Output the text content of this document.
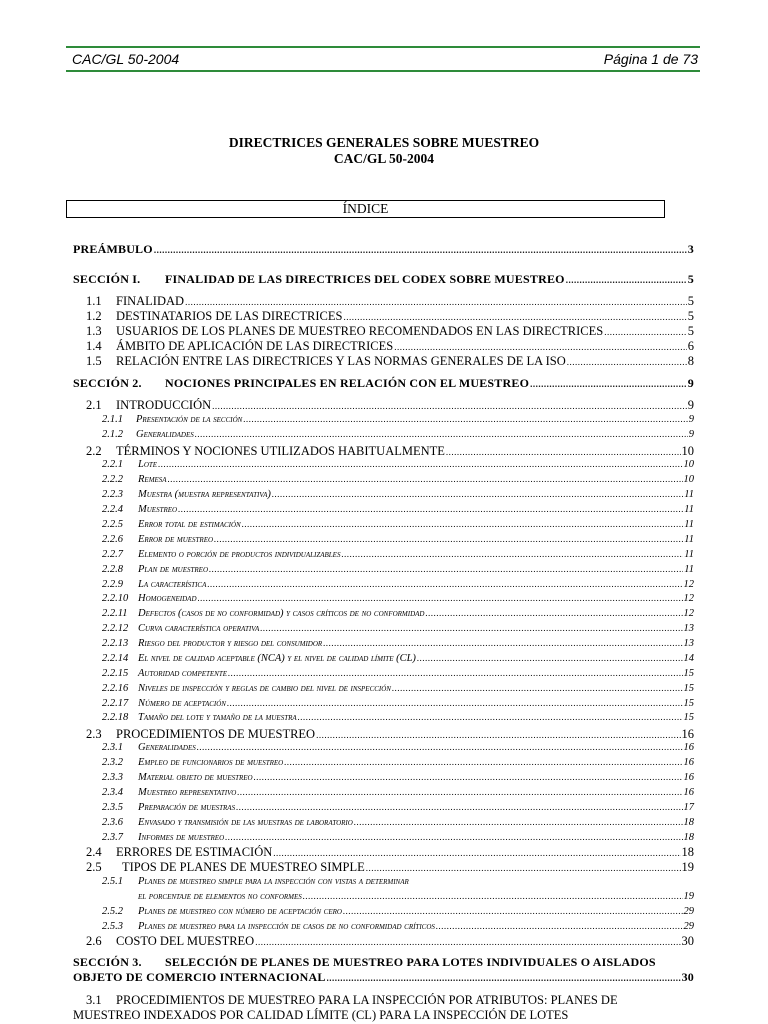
CAC/GL 50-2004	Página 1 de 73
DIRECTRICES GENERALES SOBRE MUESTREO
CAC/GL 50-2004
ÍNDICE
PREÁMBULO .....	3
SECCIÓN I.	FINALIDAD DE LAS DIRECTRICES DEL CODEX SOBRE MUESTREO .....	5
1.1	FINALIDAD .....	5
1.2	DESTINATARIOS DE LAS DIRECTRICES .....	5
1.3	USUARIOS DE LOS PLANES DE MUESTREO RECOMENDADOS EN LAS DIRECTRICES .....	5
1.4	ÁMBITO DE APLICACIÓN DE LAS DIRECTRICES .....	6
1.5	RELACIÓN ENTRE LAS DIRECTRICES Y LAS NORMAS GENERALES DE LA ISO .....	8
SECCIÓN 2.	NOCIONES PRINCIPALES EN RELACIÓN CON EL MUESTREO .....	9
2.1	INTRODUCCIÓN .....	9
2.1.1	Presentación de la sección .....	9
2.1.2	Generalidades .....	9
2.2	TÉRMINOS Y NOCIONES UTILIZADOS HABITUALMENTE .....	10
2.2.1	Lote .....	10
2.2.2	Remesa .....	10
2.2.3	Muestra (muestra representativa) .....	11
2.2.4	Muestreo .....	11
2.2.5	Error total de estimación .....	11
2.2.6	Error de muestreo .....	11
2.2.7	Elemento o porción de productos individualizables .....	11
2.2.8	Plan de muestreo .....	11
2.2.9	La característica .....	12
2.2.10 Homogeneidad .....	12
2.2.11	Defectos (casos de no conformidad) y casos críticos de no conformidad .....	12
2.2.12 Curva característica operativa .....	13
2.2.13 Riesgo del productor y riesgo del consumidor .....	13
2.2.14 El nivel de calidad aceptable (NCA) y el nivel de calidad límite (CL) .....	14
2.2.15 Autoridad competente .....	15
2.2.16 Niveles de inspección y reglas de cambio del nivel de inspección .....	15
2.2.17 Número de aceptación .....	15
2.2.18 Tamaño del lote y tamaño de la muestra .....	15
2.3	PROCEDIMIENTOS DE MUESTREO .....	16
2.3.1	Generalidades .....	16
2.3.2	Empleo de funcionarios de muestreo .....	16
2.3.3	Material objeto de muestreo .....	16
2.3.4	Muestreo representativo .....	16
2.3.5	Preparación de muestras .....	17
2.3.6	Envasado y transmisión de las muestras de laboratorio .....	18
2.3.7	Informes de muestreo .....	18
2.4	ERRORES DE ESTIMACIÓN .....	18
2.5	TIPOS DE PLANES DE MUESTREO SIMPLE .....	19
2.5.1	Planes de muestreo simple para la inspección con vistas a determinar
el porcentaje de elementos no conformes .....	19
2.5.2	Planes de muestreo con número de aceptación cero .....	29
2.5.3	Planes de muestreo para la inspección de casos de no conformidad críticos .....	29
2.6	COSTO DEL MUESTREO .....	30
SECCIÓN 3.	SELECCIÓN DE PLANES DE MUESTREO PARA LOTES INDIVIDUALES O AISLADOS
OBJETO DE COMERCIO INTERNACIONAL .....	30
3.1	PROCEDIMIENTOS DE MUESTREO PARA LA INSPECCIÓN POR ATRIBUTOS: PLANES DE
MUESTREO INDEXADOS POR CALIDAD LÍMITE (CL) PARA LA INSPECCIÓN DE LOTES
